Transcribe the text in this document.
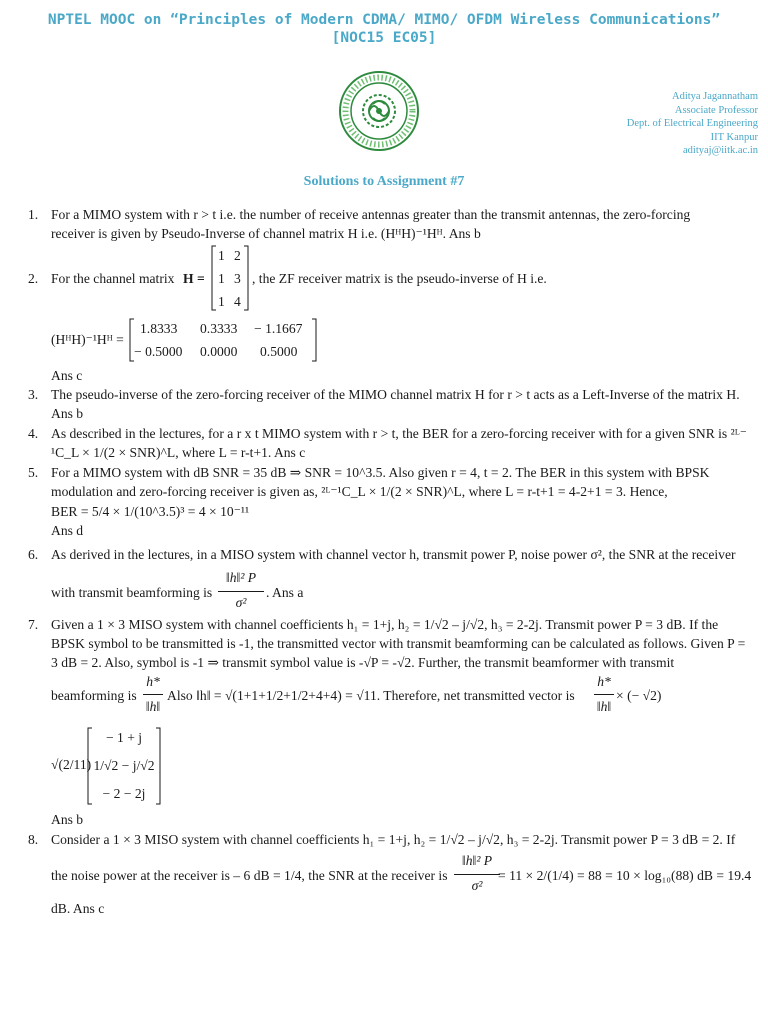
NPTEL MOOC on “Principles of Modern CDMA/ MIMO/ OFDM Wireless Communications”
[NOC15 EC05]
Aditya Jagannatham
Associate Professor
Dept. of Electrical Engineering
IIT Kanpur
adityaj@iitk.ac.in
Solutions to Assignment #7
1. For a MIMO system with r > t i.e. the number of receive antennas greater than the transmit antennas, the zero-forcing
receiver is given by Pseudo-Inverse of channel matrix H i.e. (HᴴH)⁻¹Hᴴ. Ans b
2. For the channel matrix H =
1 2
1 3
1 4
, the ZF receiver matrix is the pseudo-inverse of H i.e.
(HᴴH)⁻¹Hᴴ =
1.8333 0.3333 − 1.1667
− 0.5000 0.0000 0.5000
Ans c
3. The pseudo-inverse of the zero-forcing receiver of the MIMO channel matrix H for r > t acts as a Left-Inverse of the matrix H.
Ans b
4. As described in the lectures, for a r x t MIMO system with r > t, the BER for a zero-forcing receiver with for a given SNR is ²ᴸ⁻
¹C_L × 1/(2 × SNR)^L, where L = r-t+1. Ans c
5. For a MIMO system with dB SNR = 35 dB ⇒ SNR = 10^3.5. Also given r = 4, t = 2. The BER in this system with BPSK
modulation and zero-forcing receiver is given as, ²ᴸ⁻¹C_L × 1/(2 × SNR)^L, where L = r-t+1 = 4-2+1 = 3. Hence,
BER = 5/4 × 1/(10^3.5)³ = 4 × 10⁻¹¹
Ans d
6. As derived in the lectures, in a MISO system with channel vector h, transmit power P, noise power σ², the SNR at the receiver
with transmit beamforming is
‖h‖² P
σ²
. Ans a
7. Given a 1 × 3 MISO system with channel coefficients h₁ = 1+j, h₂ = 1/√2 – j/√2, h₃ = 2-2j. Transmit power P = 3 dB. If the
BPSK symbol to be transmitted is -1, the transmitted vector with transmit beamforming can be calculated as follows. Given P =
3 dB = 2. Also, symbol is -1 ⇒ transmit symbol value is -√P = -√2. Further, the transmit beamformer with transmit
beamforming is
h*
‖h‖
Also ‖h‖ = √(1+1+1/2+1/2+4+4) = √11. Therefore, net transmitted vector is
h*
‖h‖
× (− √2)
√(2/11)
− 1 + j
1/√2 − j/√2
− 2 − 2j
Ans b
8. Consider a 1 × 3 MISO system with channel coefficients h₁ = 1+j, h₂ = 1/√2 – j/√2, h₃ = 2-2j. Transmit power P = 3 dB = 2. If
the noise power at the receiver is – 6 dB = 1/4, the SNR at the receiver is
‖h‖² P
σ²
= 11 × 2/(1/4) = 88 = 10 × log₁₀(88) dB = 19.4
dB. Ans c
